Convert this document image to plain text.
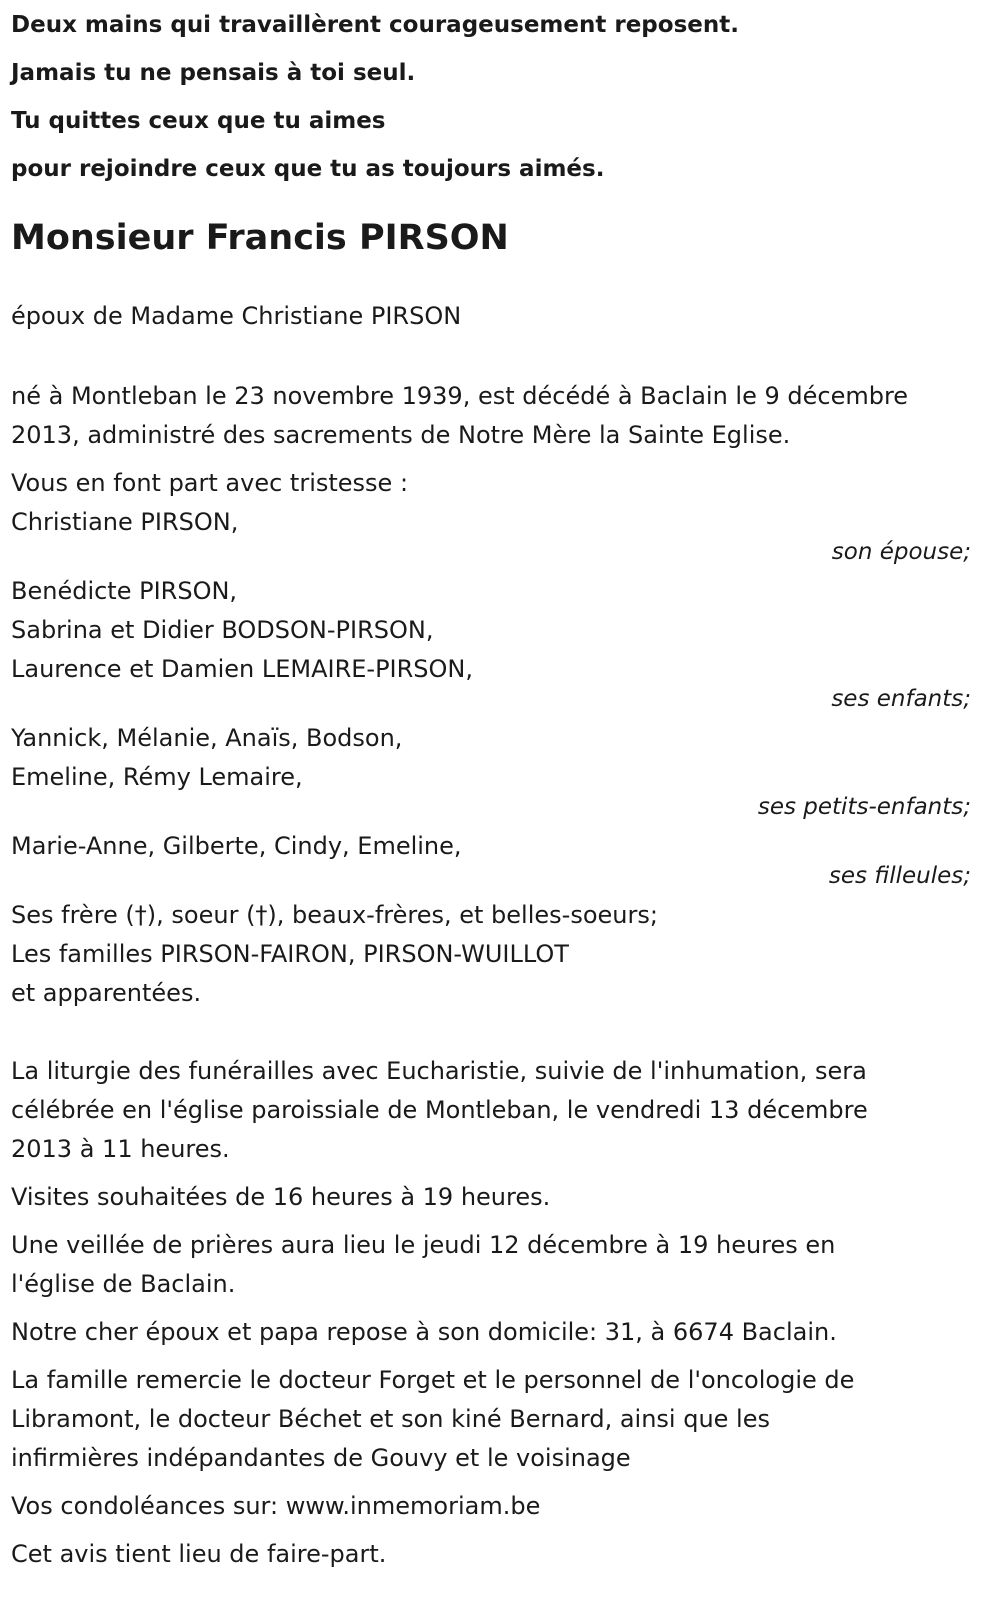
Deux mains qui travaillèrent courageusement reposent.
Jamais tu ne pensais à toi seul.
Tu quittes ceux que tu aimes
pour rejoindre ceux que tu as toujours aimés.
Monsieur Francis PIRSON
époux de Madame Christiane PIRSON
né à Montleban le 23 novembre 1939, est décédé à Baclain le 9 décembre
2013, administré des sacrements de Notre Mère la Sainte Eglise.
Vous en font part avec tristesse :
Christiane PIRSON,
son épouse;
Benédicte PIRSON,
Sabrina et Didier BODSON-PIRSON,
Laurence et Damien LEMAIRE-PIRSON,
ses enfants;
Yannick, Mélanie, Anaïs, Bodson,
Emeline, Rémy Lemaire,
ses petits-enfants;
Marie-Anne, Gilberte, Cindy, Emeline,
ses filleules;
Ses frère (†), soeur (†), beaux-frères, et belles-soeurs;
Les familles PIRSON-FAIRON, PIRSON-WUILLOT
et apparentées.
La liturgie des funérailles avec Eucharistie, suivie de l'inhumation, sera
célébrée en l'église paroissiale de Montleban, le vendredi 13 décembre
2013 à 11 heures.
Visites souhaitées de 16 heures à 19 heures.
Une veillée de prières aura lieu le jeudi 12 décembre à 19 heures en
l'église de Baclain.
Notre cher époux et papa repose à son domicile: 31, à 6674 Baclain.
La famille remercie le docteur Forget et le personnel de l'oncologie de
Libramont, le docteur Béchet et son kiné Bernard, ainsi que les
infirmières indépandantes de Gouvy et le voisinage
Vos condoléances sur: www.inmemoriam.be
Cet avis tient lieu de faire-part.
